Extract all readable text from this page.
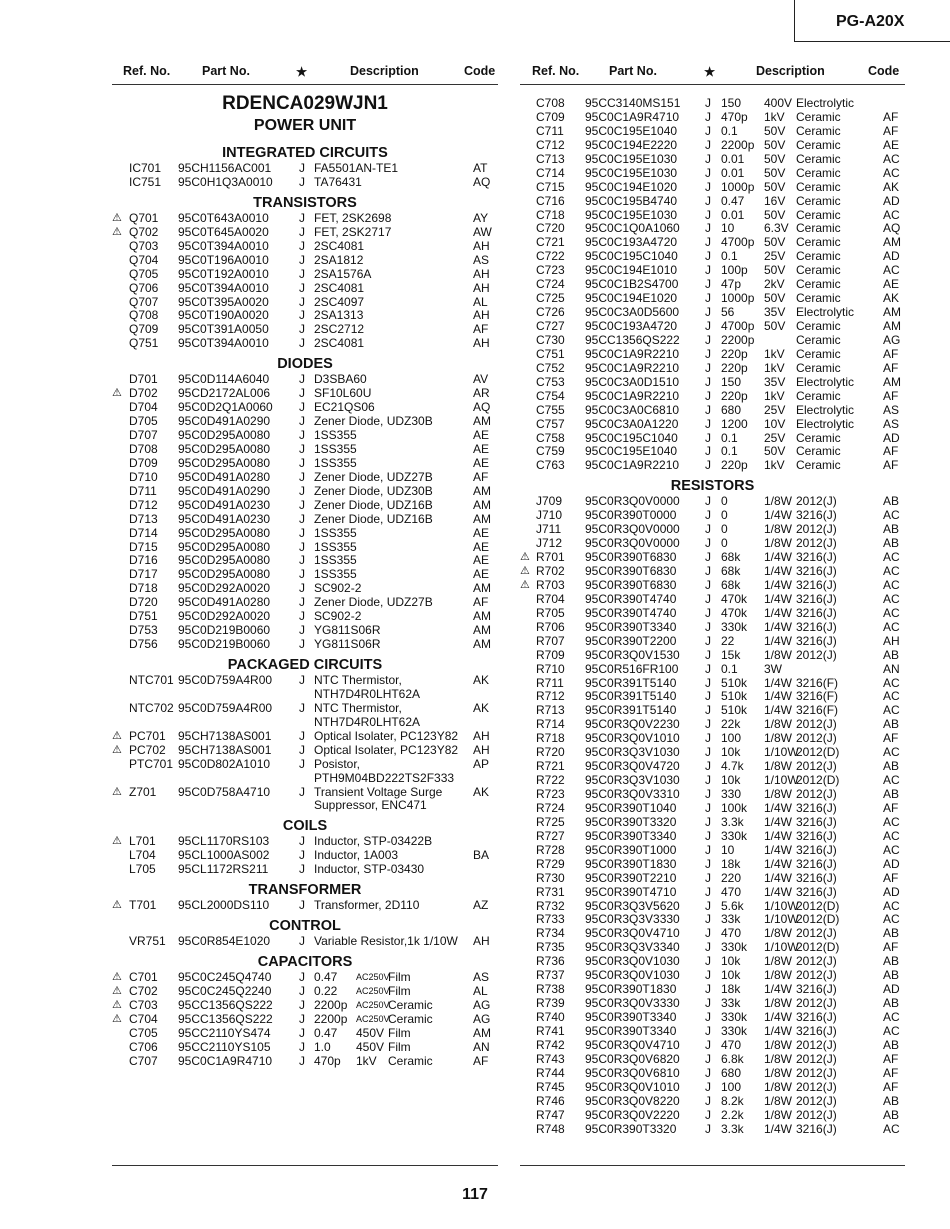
PG-A20X
Ref. No.	Part No.	★	Description	Code
RDENCA029WJN1
POWER UNIT
INTEGRATED CIRCUITS
IC701 95CH1156AC001 J FA5501AN-TE1	AT
IC751 95C0H1Q3A0010 J TA76431	AQ
TRANSISTORS
⚠ Q701 95C0T643A0010	J FET, 2SK2698	AY
⚠ Q702 95C0T645A0020	J FET, 2SK2717	AW
Q703 95C0T394A0010	J 2SC4081	AH
Q704 95C0T196A0010	J 2SA1812	AS
Q705 95C0T192A0010	J 2SA1576A	AH
Q706 95C0T394A0010	J 2SC4081	AH
Q707 95C0T395A0020	J 2SC4097	AL
Q708 95C0T190A0020	J 2SA1313	AH
Q709 95C0T391A0050	J 2SC2712	AF
Q751 95C0T394A0010	J 2SC4081	AH
DIODES
D701 95C0D114A6040 J D3SBA60	AV
⚠ D702 95CD2172AL006 J SF10L60U	AR
D704 95C0D2Q1A0060 J EC21QS06	AQ
D705 95C0D491A0290 J Zener Diode, UDZ30B	AM
D707 95C0D295A0080 J 1SS355	AE
D708 95C0D295A0080 J 1SS355	AE
D709 95C0D295A0080 J 1SS355	AE
D710 95C0D491A0280 J Zener Diode, UDZ27B	AF
D711 95C0D491A0290 J Zener Diode, UDZ30B	AM
D712 95C0D491A0230 J Zener Diode, UDZ16B	AM
D713 95C0D491A0230 J Zener Diode, UDZ16B	AM
D714 95C0D295A0080 J 1SS355	AE
D715 95C0D295A0080 J 1SS355	AE
D716 95C0D295A0080 J 1SS355	AE
D717 95C0D295A0080 J 1SS355	AE
D718 95C0D292A0020 J SC902-2	AM
D720 95C0D491A0280 J Zener Diode, UDZ27B	AF
D751 95C0D292A0020 J SC902-2	AM
D753 95C0D219B0060 J YG811S06R	AM
D756 95C0D219B0060 J YG811S06R	AM
PACKAGED CIRCUITS
NTC701 95C0D759A4R00 J NTC Thermistor,
NTH7D4R0LHT62A
AK
NTC702 95C0D759A4R00 J NTC Thermistor,
NTH7D4R0LHT62A
AK
⚠ PC701 95CH7138AS001 J Optical Isolater, PC123Y82 AH
⚠ PC702 95CH7138AS001 J Optical Isolater, PC123Y82 AH
PTC701 95C0D802A1010 J Posistor,
PTH9M04BD222TS2F333
AP
⚠ Z701 95C0D758A4710 J Transient Voltage Surge
Suppressor, ENC471
AK
COILS
⚠ L701 95CL1170RS103 J Inductor, STP-03422B
L704 95CL1000AS002 J Inductor, 1A003	BA
L705 95CL1172RS211	J Inductor, STP-03430
TRANSFORMER
⚠ T701 95CL2000DS110 J Transformer, 2D110	AZ
CONTROL
VR751 95C0R854E1020 J Variable Resistor,1k 1/10W AH
CAPACITORS
⚠ C701 95C0C245Q4740 J 0.47 AC250V
Film	AS
⚠ C702 95C0C245Q2240 J 0.22 AC250V
Film	AL
⚠ C703 95CC1356QS222 J 2200p AC250V
Ceramic	AG
⚠ C704 95CC1356QS222 J 2200p AC250V
Ceramic	AG
C705 95CC2110YS474 J 0.47 450V Film	AM
C706 95CC2110YS105 J 1.0 450V Film	AN
C707 95C0C1A9R4710 J 470p 1kV Ceramic	AF
Ref. No. Part No.	★	Description	Code
C708 95CC3140MS151 J 150 400V Electrolytic
C709 95C0C1A9R4710 J 470p 1kV Ceramic	AF
C711 95C0C195E1040 J 0.1 50V Ceramic	AF
C712 95C0C194E2220 J 2200p 50V Ceramic	AE
C713 95C0C195E1030 J 0.01 50V Ceramic	AC
C714 95C0C195E1030 J 0.01 50V Ceramic	AC
C715 95C0C194E1020 J 1000p 50V Ceramic	AK
C716 95C0C195B4740 J 0.47 16V Ceramic	AD
C718 95C0C195E1030 J 0.01 50V Ceramic	AC
C720 95C0C1Q0A1060 J 10 6.3V Ceramic	AQ
C721 95C0C193A4720 J 4700p 50V Ceramic	AM
C722 95C0C195C1040 J 0.1 25V Ceramic	AD
C723 95C0C194E1010 J 100p 50V Ceramic	AC
C724 95C0C1B2S4700 J 47p 2kV Ceramic	AE
C725 95C0C194E1020 J 1000p 50V Ceramic	AK
C726 95C0C3A0D5600 J 56 35V Electrolytic AM
C727 95C0C193A4720 J 4700p 50V Ceramic	AM
C730 95CC1356QS222 J 2200p	Ceramic	AG
C751 95C0C1A9R2210 J 220p 1kV Ceramic	AF
C752 95C0C1A9R2210 J 220p 1kV Ceramic	AF
C753 95C0C3A0D1510 J 150 35V Electrolytic AM
C754 95C0C1A9R2210 J 220p 1kV Ceramic	AF
C755 95C0C3A0C6810 J 680 25V Electrolytic AS
C757 95C0C3A0A1220 J 1200 10V Electrolytic AS
C758 95C0C195C1040 J 0.1 25V Ceramic	AD
C759 95C0C195E1040 J 0.1 50V Ceramic	AF
C763 95C0C1A9R2210 J 220p 1kV Ceramic	AF
RESISTORS
J709 95C0R3Q0V0000 J 0	1/8W 2012(J)	AB
J710 95C0R390T0000 J 0	1/4W 3216(J)	AC
J711 95C0R3Q0V0000 J 0	1/8W 2012(J)	AB
J712 95C0R3Q0V0000 J 0	1/8W 2012(J)	AB
⚠ R701 95C0R390T6830 J 68k 1/4W 3216(J)	AC
⚠ R702 95C0R390T6830 J 68k 1/4W 3216(J)	AC
⚠ R703 95C0R390T6830 J 68k 1/4W 3216(J)	AC
R704 95C0R390T4740 J 470k 1/4W 3216(J)	AC
R705 95C0R390T4740 J 470k 1/4W 3216(J)	AC
R706 95C0R390T3340 J 330k 1/4W 3216(J)	AC
R707 95C0R390T2200 J 22 1/4W 3216(J)	AH
R709 95C0R3Q0V1530 J 15k 1/8W 2012(J)	AB
R710 95C0R516FR100 J 0.1 3W	AN
R711 95C0R391T5140 J 510k 1/4W 3216(F)	AC
R712 95C0R391T5140 J 510k 1/4W 3216(F)	AC
R713 95C0R391T5140 J 510k 1/4W 3216(F)	AC
R714 95C0R3Q0V2230 J 22k 1/8W 2012(J)	AB
R718 95C0R3Q0V1010 J 100 1/8W 2012(J)	AF
R720 95C0R3Q3V1030 J 10k 1/10W
2012(D)	AC
R721 95C0R3Q0V4720 J 4.7k 1/8W 2012(J)	AB
R722 95C0R3Q3V1030 J 10k 1/10W
2012(D)	AC
R723 95C0R3Q0V3310 J 330 1/8W 2012(J)	AB
R724 95C0R390T1040 J 100k 1/4W 3216(J)	AF
R725 95C0R390T3320 J 3.3k 1/4W 3216(J)	AC
R727 95C0R390T3340 J 330k 1/4W 3216(J)	AC
R728 95C0R390T1000 J 10 1/4W 3216(J)	AC
R729 95C0R390T1830 J 18k 1/4W 3216(J)	AD
R730 95C0R390T2210 J 220 1/4W 3216(J)	AF
R731 95C0R390T4710 J 470 1/4W 3216(J)	AD
R732 95C0R3Q3V5620 J 5.6k 1/10W
2012(D)	AC
R733 95C0R3Q3V3330 J 33k 1/10W
2012(D)	AC
R734 95C0R3Q0V4710 J 470 1/8W 2012(J)	AB
R735 95C0R3Q3V3340 J 330k 1/10W
2012(D)	AF
R736 95C0R3Q0V1030 J 10k 1/8W 2012(J)	AB
R737 95C0R3Q0V1030 J 10k 1/8W 2012(J)	AB
R738 95C0R390T1830 J 18k 1/4W 3216(J)	AD
R739 95C0R3Q0V3330 J 33k 1/8W 2012(J)	AB
R740 95C0R390T3340 J 330k 1/4W 3216(J)	AC
R741 95C0R390T3340 J 330k 1/4W 3216(J)	AC
R742 95C0R3Q0V4710 J 470 1/8W 2012(J)	AB
R743 95C0R3Q0V6820 J 6.8k 1/8W 2012(J)	AF
R744 95C0R3Q0V6810 J 680 1/8W 2012(J)	AF
R745 95C0R3Q0V1010 J 100 1/8W 2012(J)	AF
R746 95C0R3Q0V8220 J 8.2k 1/8W 2012(J)	AB
R747 95C0R3Q0V2220 J 2.2k 1/8W 2012(J)	AB
R748 95C0R390T3320 J 3.3k 1/4W 3216(J)	AC
117
